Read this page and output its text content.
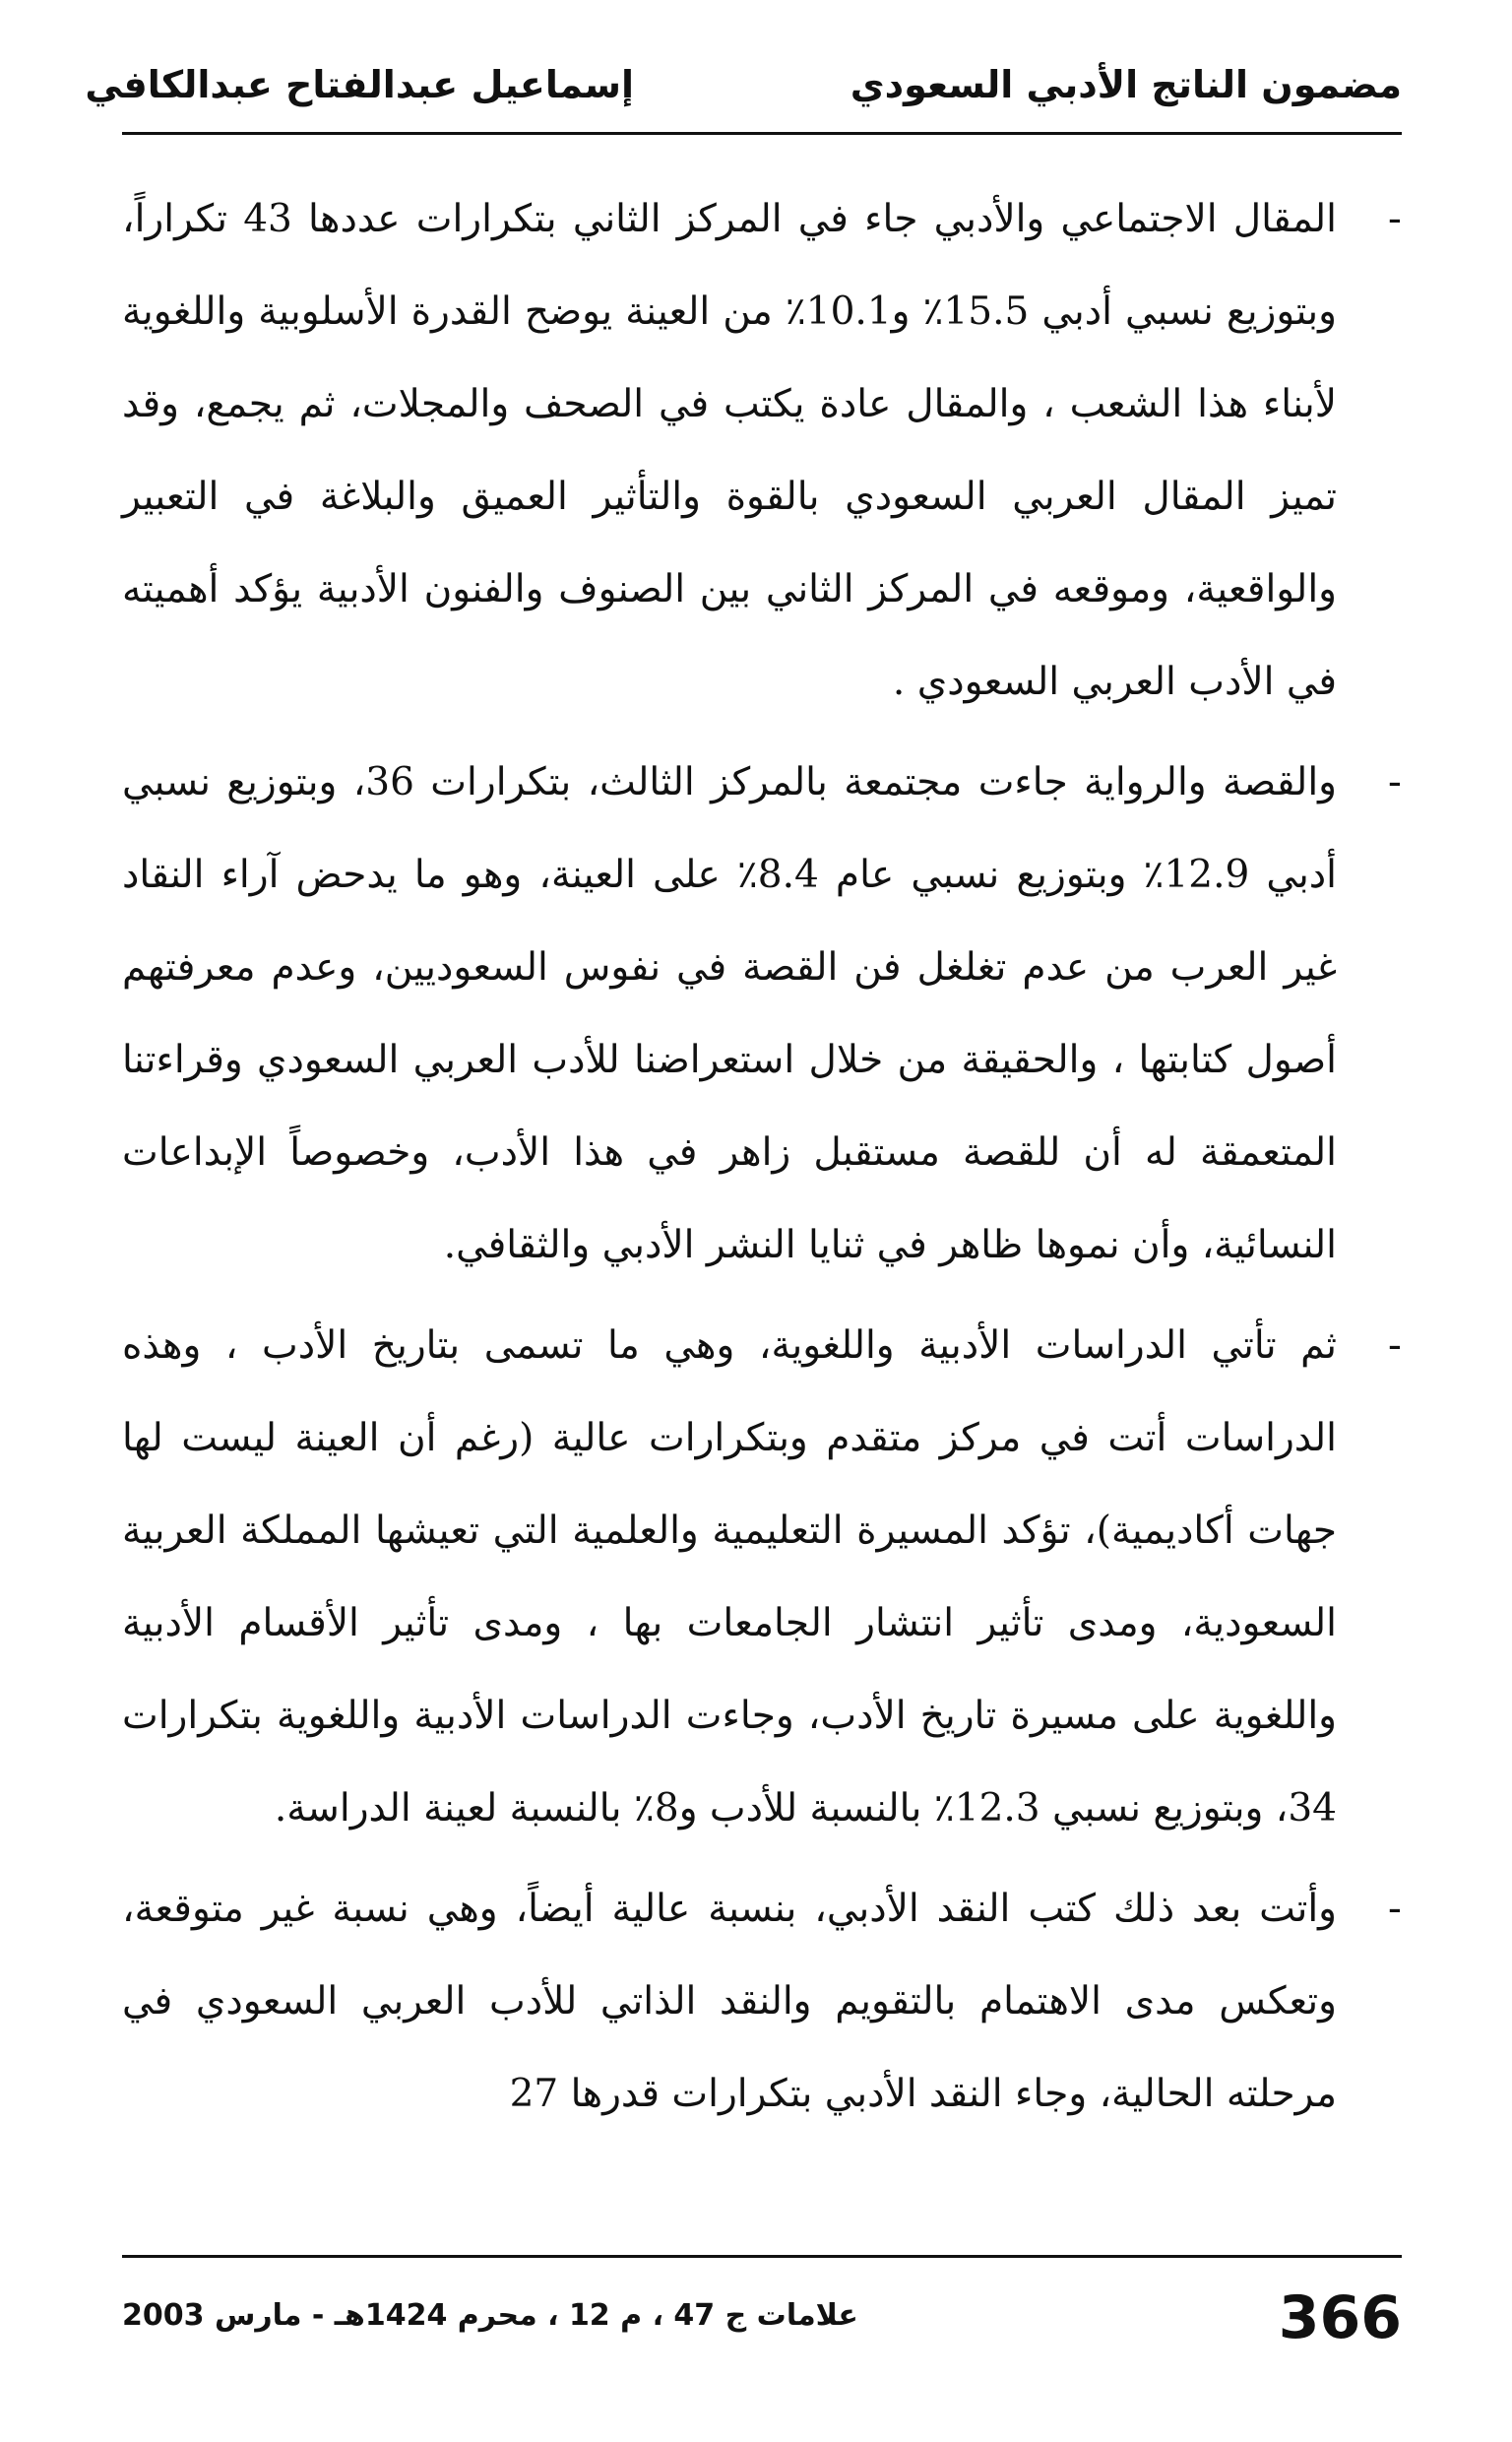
مضمون الناتج الأدبي السعودي
إسماعيل عبدالفتاح عبدالكافي

-
المقال الاجتماعي والأدبي جاء في المركز الثاني بتكرارات عددها 43 تكراراً، وبتوزيع نسبي أدبي 15.5٪ و10.1٪ من العينة يوضح القدرة الأسلوبية واللغوية لأبناء هذا الشعب ، والمقال عادة يكتب في الصحف والمجلات، ثم يجمع، وقد تميز المقال العربي السعودي بالقوة والتأثير العميق والبلاغة في التعبير والواقعية، وموقعه في المركز الثاني بين الصنوف والفنون الأدبية يؤكد أهميته في الأدب العربي السعودي .

-
والقصة والرواية جاءت مجتمعة بالمركز الثالث، بتكرارات 36، وبتوزيع نسبي أدبي 12.9٪ وبتوزيع نسبي عام 8.4٪ على العينة، وهو ما يدحض آراء النقاد غير العرب من عدم تغلغل فن القصة في نفوس السعوديين، وعدم معرفتهم أصول كتابتها ، والحقيقة من خلال استعراضنا للأدب العربي السعودي وقراءتنا المتعمقة له أن للقصة مستقبل زاهر في هذا الأدب، وخصوصاً الإبداعات النسائية، وأن نموها ظاهر في ثنايا النشر الأدبي والثقافي.

-
ثم تأتي الدراسات الأدبية واللغوية، وهي ما تسمى بتاريخ الأدب ، وهذه الدراسات أتت في مركز متقدم وبتكرارات عالية (رغم أن العينة ليست لها جهات أكاديمية)، تؤكد المسيرة التعليمية والعلمية التي تعيشها المملكة العربية السعودية، ومدى تأثير انتشار الجامعات بها ، ومدى تأثير الأقسام الأدبية واللغوية على مسيرة تاريخ الأدب، وجاءت الدراسات الأدبية واللغوية بتكرارات 34، وبتوزيع نسبي 12.3٪ بالنسبة للأدب و8٪ بالنسبة لعينة الدراسة.

-
وأتت بعد ذلك كتب النقد الأدبي، بنسبة عالية أيضاً، وهي نسبة غير متوقعة، وتعكس مدى الاهتمام بالتقويم والنقد الذاتي للأدب العربي السعودي في مرحلته الحالية، وجاء النقد الأدبي بتكرارات قدرها 27

366
علامات ج 47 ، م 12 ، محرم 1424هـ - مارس 2003
